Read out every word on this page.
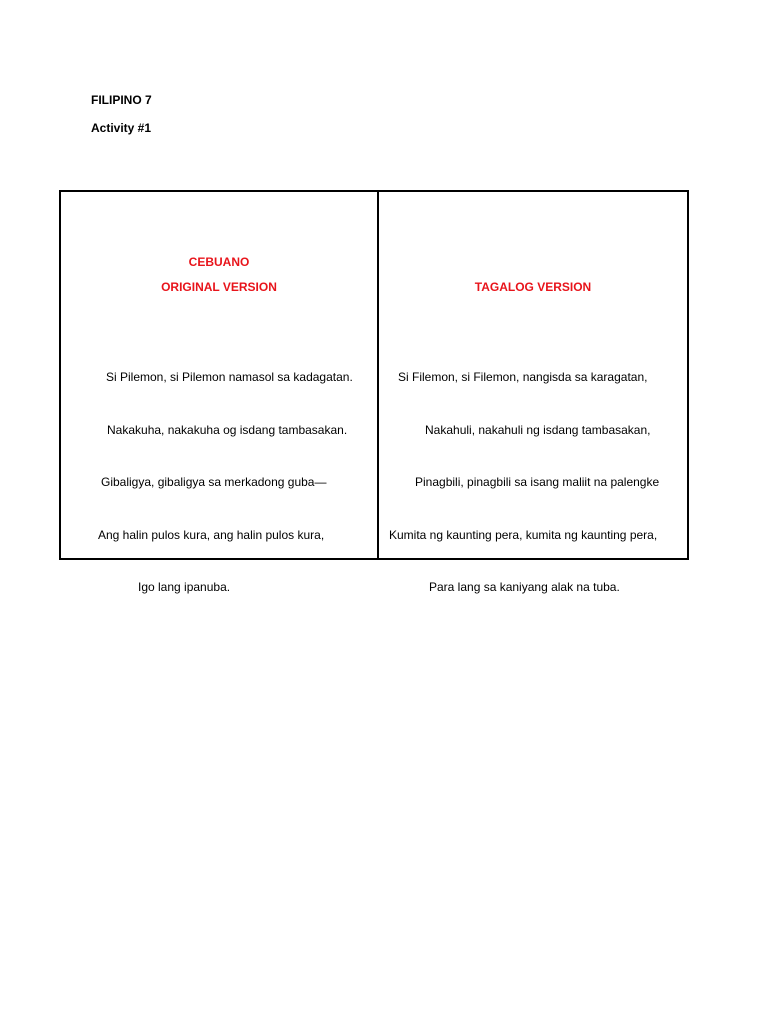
FILIPINO 7
Activity #1
CEBUANO
ORIGINAL VERSION

Si Pilemon, si Pilemon namasol sa kadagatan.

Nakakuha, nakakuha og isdang tambasakan.

Gibaligya, gibaligya sa merkadong guba—

Ang halin pulos kura, ang halin pulos kura,

Igo lang ipanuba.

TAGALOG VERSION

Si Filemon, si Filemon, nangisda sa karagatan,

Nakahuli, nakahuli ng isdang tambasakan,

Pinagbili, pinagbili sa isang maliit na palengke

Kumita ng kaunting pera, kumita ng kaunting pera,

Para lang sa kaniyang alak na tuba.
